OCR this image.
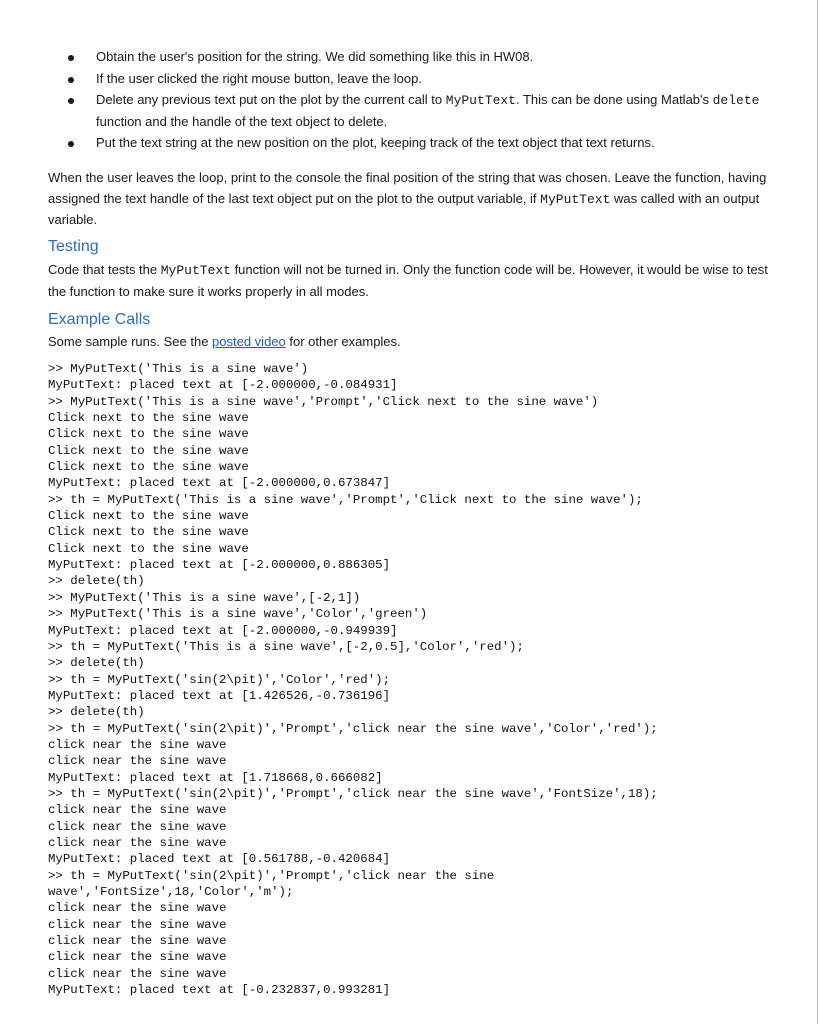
Obtain the user's position for the string. We did something like this in HW08.
If the user clicked the right mouse button, leave the loop.
Delete any previous text put on the plot by the current call to MyPutText. This can be done using Matlab's delete function and the handle of the text object to delete.
Put the text string at the new position on the plot, keeping track of the text object that text returns.

When the user leaves the loop, print to the console the final position of the string that was chosen. Leave the function, having assigned the text handle of the last text object put on the plot to the output variable, if MyPutText was called with an output variable.

Testing

Code that tests the MyPutText function will not be turned in. Only the function code will be. However, it would be wise to test the function to make sure it works properly in all modes.

Example Calls

Some sample runs. See the posted video for other examples.

>> MyPutText('This is a sine wave')
MyPutText: placed text at [-2.000000,-0.084931]
>> MyPutText('This is a sine wave','Prompt','Click next to the sine wave')
Click next to the sine wave
Click next to the sine wave
Click next to the sine wave
Click next to the sine wave
MyPutText: placed text at [-2.000000,0.673847]
>> th = MyPutText('This is a sine wave','Prompt','Click next to the sine wave');
Click next to the sine wave
Click next to the sine wave
Click next to the sine wave
MyPutText: placed text at [-2.000000,0.886305]
>> delete(th)
>> MyPutText('This is a sine wave',[-2,1])
>> MyPutText('This is a sine wave','Color','green')
MyPutText: placed text at [-2.000000,-0.949939]
>> th = MyPutText('This is a sine wave',[-2,0.5],'Color','red');
>> delete(th)
>> th = MyPutText('sin(2\pit)','Color','red');
MyPutText: placed text at [1.426526,-0.736196]
>> delete(th)
>> th = MyPutText('sin(2\pit)','Prompt','click near the sine wave','Color','red');
click near the sine wave
click near the sine wave
MyPutText: placed text at [1.718668,0.666082]
>> th = MyPutText('sin(2\pit)','Prompt','click near the sine wave','FontSize',18);
click near the sine wave
click near the sine wave
click near the sine wave
MyPutText: placed text at [0.561788,-0.420684]
>> th = MyPutText('sin(2\pit)','Prompt','click near the sine
wave','FontSize',18,'Color','m');
click near the sine wave
click near the sine wave
click near the sine wave
click near the sine wave
click near the sine wave
MyPutText: placed text at [-0.232837,0.993281]
